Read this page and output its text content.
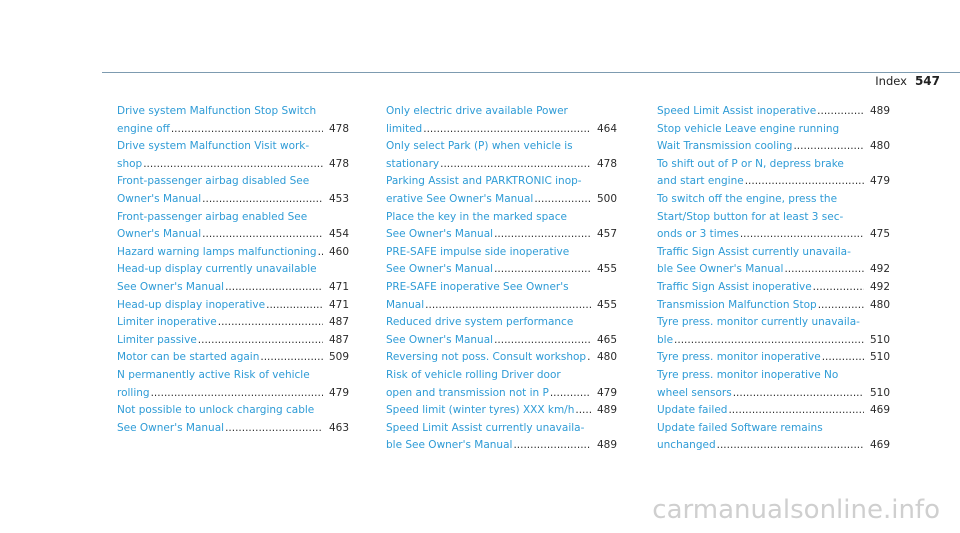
Index 547
Drive system Malfunction Stop Switch
engine off .....	478
Drive system Malfunction Visit work-
shop .....	478
Front-passenger airbag disabled See
Owner's Manual .....	453
Front-passenger airbag enabled See
Owner's Manual .....	454
Hazard warning lamps malfunctioning .....	460
Head-up display currently unavailable
See Owner's Manual .....	471
Head-up display inoperative .....	471
Limiter inoperative .....	487
Limiter passive .....	487
Motor can be started again .....	509
N permanently active Risk of vehicle
rolling .....	479
Not possible to unlock charging cable
See Owner's Manual .....	463
Only electric drive available Power
limited .....	464
Only select Park (P) when vehicle is
stationary .....	478
Parking Assist and PARKTRONIC inop-
erative See Owner's Manual .....	500
Place the key in the marked space
See Owner's Manual .....	457
PRE-SAFE impulse side inoperative
See Owner's Manual .....	455
PRE-SAFE inoperative See Owner's
Manual .....	455
Reduced drive system performance
See Owner's Manual .....	465
Reversing not poss. Consult workshop .....	480
Risk of vehicle rolling Driver door
open and transmission not in P .....	479
Speed limit (winter tyres) XXX km/h .....	489
Speed Limit Assist currently unavaila-
ble See Owner's Manual .....	489
Speed Limit Assist inoperative .....	489
Stop vehicle Leave engine running
Wait Transmission cooling .....	480
To shift out of P or N, depress brake
and start engine .....	479
To switch off the engine, press the
Start/Stop button for at least 3 sec-
onds or 3 times .....	475
Traffic Sign Assist currently unavaila-
ble See Owner's Manual .....	492
Traffic Sign Assist inoperative .....	492
Transmission Malfunction Stop .....	480
Tyre press. monitor currently unavaila-
ble .....	510
Tyre press. monitor inoperative .....	510
Tyre press. monitor inoperative No
wheel sensors .....	510
Update failed .....	469
Update failed Software remains
unchanged .....	469
carmanualsonline.info
